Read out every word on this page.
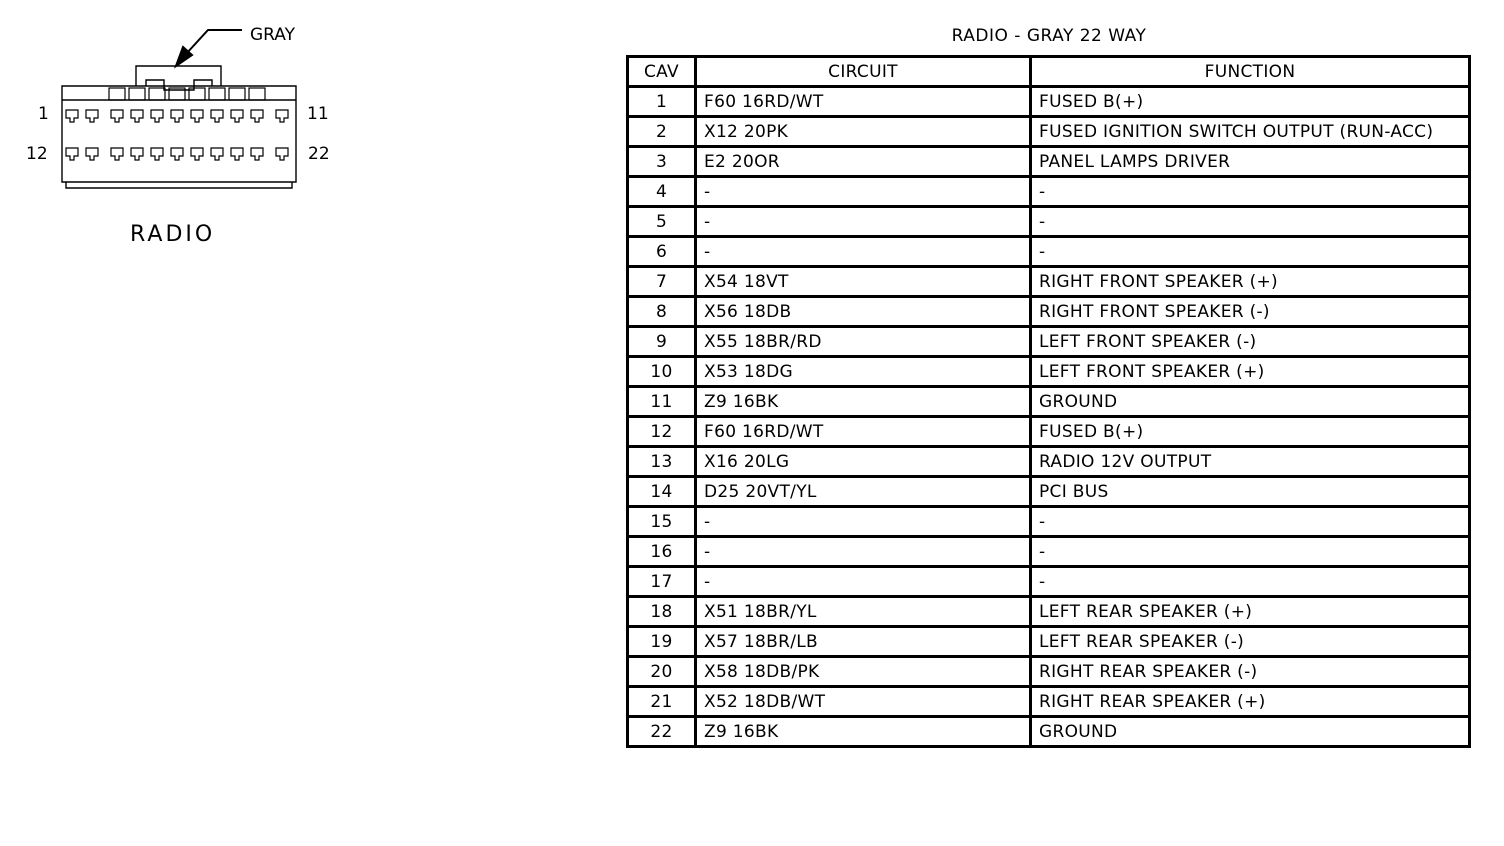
GRAY
1	11
12	22
RADIO
RADIO - GRAY 22 WAY
CAV	CIRCUIT	FUNCTION
1	F60 16RD/WT	FUSED B(+)
2	X12 20PK	FUSED IGNITION SWITCH OUTPUT (RUN-ACC)
3	E2 20OR	PANEL LAMPS DRIVER
4	-	-
5	-	-
6	-	-
7	X54 18VT	RIGHT FRONT SPEAKER (+)
8	X56 18DB	RIGHT FRONT SPEAKER (-)
9	X55 18BR/RD	LEFT FRONT SPEAKER (-)
10	X53 18DG	LEFT FRONT SPEAKER (+)
11	Z9 16BK	GROUND
12	F60 16RD/WT	FUSED B(+)
13	X16 20LG	RADIO 12V OUTPUT
14	D25 20VT/YL	PCI BUS
15	-	-
16	-	-
17	-	-
18	X51 18BR/YL	LEFT REAR SPEAKER (+)
19	X57 18BR/LB	LEFT REAR SPEAKER (-)
20	X58 18DB/PK	RIGHT REAR SPEAKER (-)
21	X52 18DB/WT	RIGHT REAR SPEAKER (+)
22	Z9 16BK	GROUND
